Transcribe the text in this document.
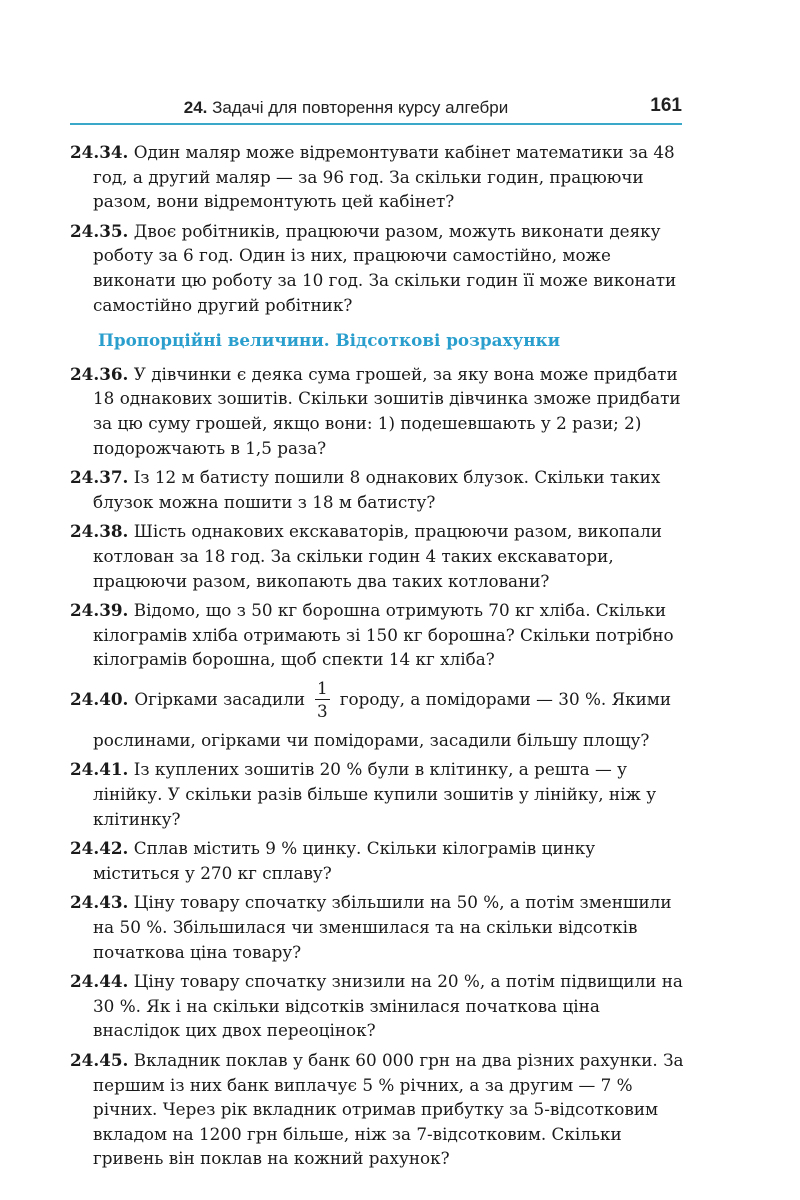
24. Задачі для повторення курсу алгебри	161
24.34. Один маляр може відремонтувати кабінет математики за 48 год, а другий маляр — за 96 год. За скільки годин, працюючи разом, вони відремонтують цей кабінет?
24.35. Двоє робітників, працюючи разом, можуть виконати деяку роботу за 6 год. Один із них, працюючи самостійно, може виконати цю роботу за 10 год. За скільки годин її може виконати самостійно другий робітник?
Пропорційні величини. Відсоткові розрахунки
24.36. У дівчинки є деяка сума грошей, за яку вона може придбати 18 однакових зошитів. Скільки зошитів дівчинка зможе придбати за цю суму грошей, якщо вони: 1) подешевшають у 2 рази; 2) подорожчають в 1,5 раза?
24.37. Із 12 м батисту пошили 8 однакових блузок. Скільки таких блузок можна пошити з 18 м батисту?
24.38. Шість однакових екскаваторів, працюючи разом, викопали котлован за 18 год. За скільки годин 4 таких екскаватори, працюючи разом, викопають два таких котловани?
24.39. Відомо, що з 50 кг борошна отримують 70 кг хліба. Скільки кілограмів хліба отримають зі 150 кг борошна? Скільки потрібно кілограмів борошна, щоб спекти 14 кг хліба?
24.40. Огірками засадили $\frac{1}{3}$ городу, а помідорами — 30 %. Якими
рослинами, огірками чи помідорами, засадили більшу площу?
24.41. Із куплених зошитів 20 % були в клітинку, а решта — у лінійку. У скільки разів більше купили зошитів у лінійку, ніж у клітинку?
24.42. Сплав містить 9 % цинку. Скільки кілограмів цинку міститься у 270 кг сплаву?
24.43. Ціну товару спочатку збільшили на 50 %, а потім зменшили на 50 %. Збільшилася чи зменшилася та на скільки відсотків початкова ціна товару?
24.44. Ціну товару спочатку знизили на 20 %, а потім підвищили на 30 %. Як і на скільки відсотків змінилася початкова ціна внаслідок цих двох переоцінок?
24.45. Вкладник поклав у банк 60 000 грн на два різних рахунки. За першим із них банк виплачує 5 % річних, а за другим — 7 % річних. Через рік вкладник отримав прибутку за 5-відсотковим вкладом на 1200 грн більше, ніж за 7-відсотковим. Скільки гривень він поклав на кожний рахунок?
